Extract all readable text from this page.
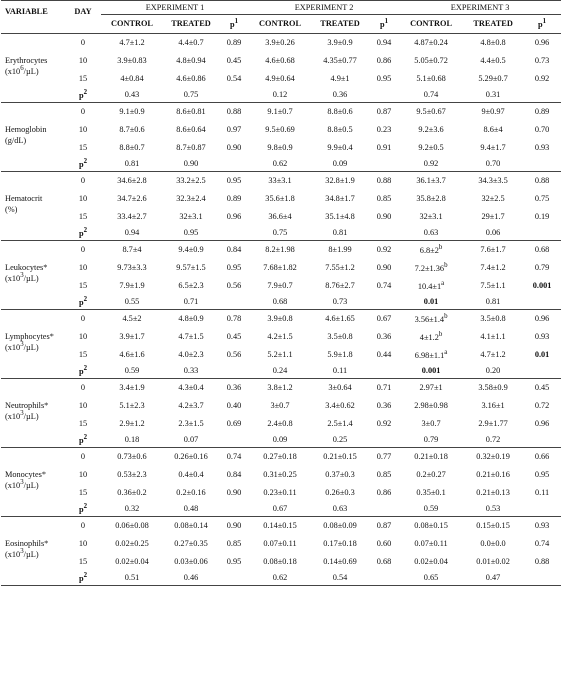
VARIABLE	DAY	EXPERIMENT 1			EXPERIMENT 2			EXPERIMENT 3		
		CONTROL	TREATED	$p^1$	CONTROL	TREATED	$p^1$	CONTROL	TREATED	$p^1$
Erythrocytes
$(x10^6/\mu L)$	0	4.7±1.2	4.4±0.7	0.89	3.9±0.26	3.9±0.9	0.94	4.87±0.24	4.8±0.8	0.96
	10	3.9±0.83	4.8±0.94	0.45	4.6±0.68	4.35±0.77	0.86	5.05±0.72	4.4±0.5	0.73
	15	4±0.84	4.6±0.86	0.54	4.9±0.64	4.9±1	0.95	5.1±0.68	5.29±0.7	0.92
	$p^2$	0.43	0.75		0.12	0.36		0.74	0.31	
Hemoglobin
(g/dL)	0	9.1±0.9	8.6±0.81	0.88	9.1±0.7	8.8±0.6	0.87	9.5±0.67	9±0.97	0.89
	10	8.7±0.6	8.6±0.64	0.97	9.5±0.69	8.8±0.5	0.23	9.2±3.6	8.6±4	0.70
	15	8.8±0.7	8.7±0.87	0.90	9.8±0.9	9.9±0.4	0.91	9.2±0.5	9.4±1.7	0.93
	$p^2$	0.81	0.90		0.62	0.09		0.92	0.70	
Hematocrit
(%)	0	34.6±2.8	33.2±2.5	0.95	33±3.1	32.8±1.9	0.88	36.1±3.7	34.3±3.5	0.88
	10	34.7±2.6	32.3±2.4	0.89	35.6±1.8	34.8±1.7	0.85	35.8±2.8	32±2.5	0.75
	15	33.4±2.7	32±3.1	0.96	36.6±4	35.1±4.8	0.90	32±3.1	29±1.7	0.19
	$p^2$	0.94	0.95		0.75	0.81		0.63	0.06	
Leukocytes*
$(x10^3/\mu L)$	0	8.7±4	9.4±0.9	0.84	8.2±1.98	8±1.99	0.92	$6.8\pm 2^b$	7.6±1.7	0.68
	10	9.73±3.3	9.57±1.5	0.95	7.68±1.82	7.55±1.2	0.90	7.2±1.36$^b$	7.4±1.2	0.79
	15	7.9±1.9	6.5±2.3	0.56	7.9±0.7	8.76±2.7	0.74	$10.4\pm 1^a$	7.5±1.1	0.001
	$p^2$	0.55	0.71		0.68	0.73		0.01	0.81	
Lymphocytes*
$(x10^3/\mu L)$	0	4.5±2	4.8±0.9	0.78	3.9±0.8	4.6±1.65	0.67	3.56±1.4$^b$	3.5±0.8	0.96
	10	3.9±1.7	4.7±1.5	0.45	4.2±1.5	3.5±0.8	0.36	4±1.2$^b$	4.1±1.1	0.93
	15	4.6±1.6	4.0±2.3	0.56	5.2±1.1	5.9±1.8	0.44	6.98±1.1$^a$	4.7±1.2	0.01
	$p^2$	0.59	0.33		0.24	0.11		0.001	0.20	
Neutrophils*
$(x10^3/\mu L)$	0	3.4±1.9	4.3±0.4	0.36	3.8±1.2	3±0.64	0.71	2.97±1	3.58±0.9	0.45
	10	5.1±2.3	4.2±3.7	0.40	3±0.7	3.4±0.62	0.36	2.98±0.98	3.16±1	0.72
	15	2.9±1.2	2.3±1.5	0.69	2.4±0.8	2.5±1.4	0.92	3±0.7	2.9±1.77	0.96
	$p^2$	0.18	0.07		0.09	0.25		0.79	0.72	
Monocytes*
$(x10^3/\mu L)$	0	0.73±0.6	0.26±0.16	0.74	0.27±0.18	0.21±0.15	0.77	0.21±0.18	0.32±0.19	0.66
	10	0.53±2.3	0.4±0.4	0.84	0.31±0.25	0.37±0.3	0.85	0.2±0.27	0.21±0.16	0.95
	15	0.36±0.2	0.2±0.16	0.90	0.23±0.11	0.26±0.3	0.86	0.35±0.1	0.21±0.13	0.11
	$p^2$	0.32	0.48		0.67	0.63		0.59	0.53	
Eosinophils*
$(x10^3/\mu L)$	0	0.06±0.08	0.08±0.14	0.90	0.14±0.15	0.08±0.09	0.87	0.08±0.15	0.15±0.15	0.93
	10	0.02±0.25	0.27±0.35	0.85	0.07±0.11	0.17±0.18	0.60	0.07±0.11	0.0±0.0	0.74
	15	0.02±0.04	0.03±0.06	0.95	0.08±0.18	0.14±0.69	0.68	0.02±0.04	0.01±0.02	0.88
	$p^2$	0.51	0.46		0.62	0.54		0.65	0.47	
